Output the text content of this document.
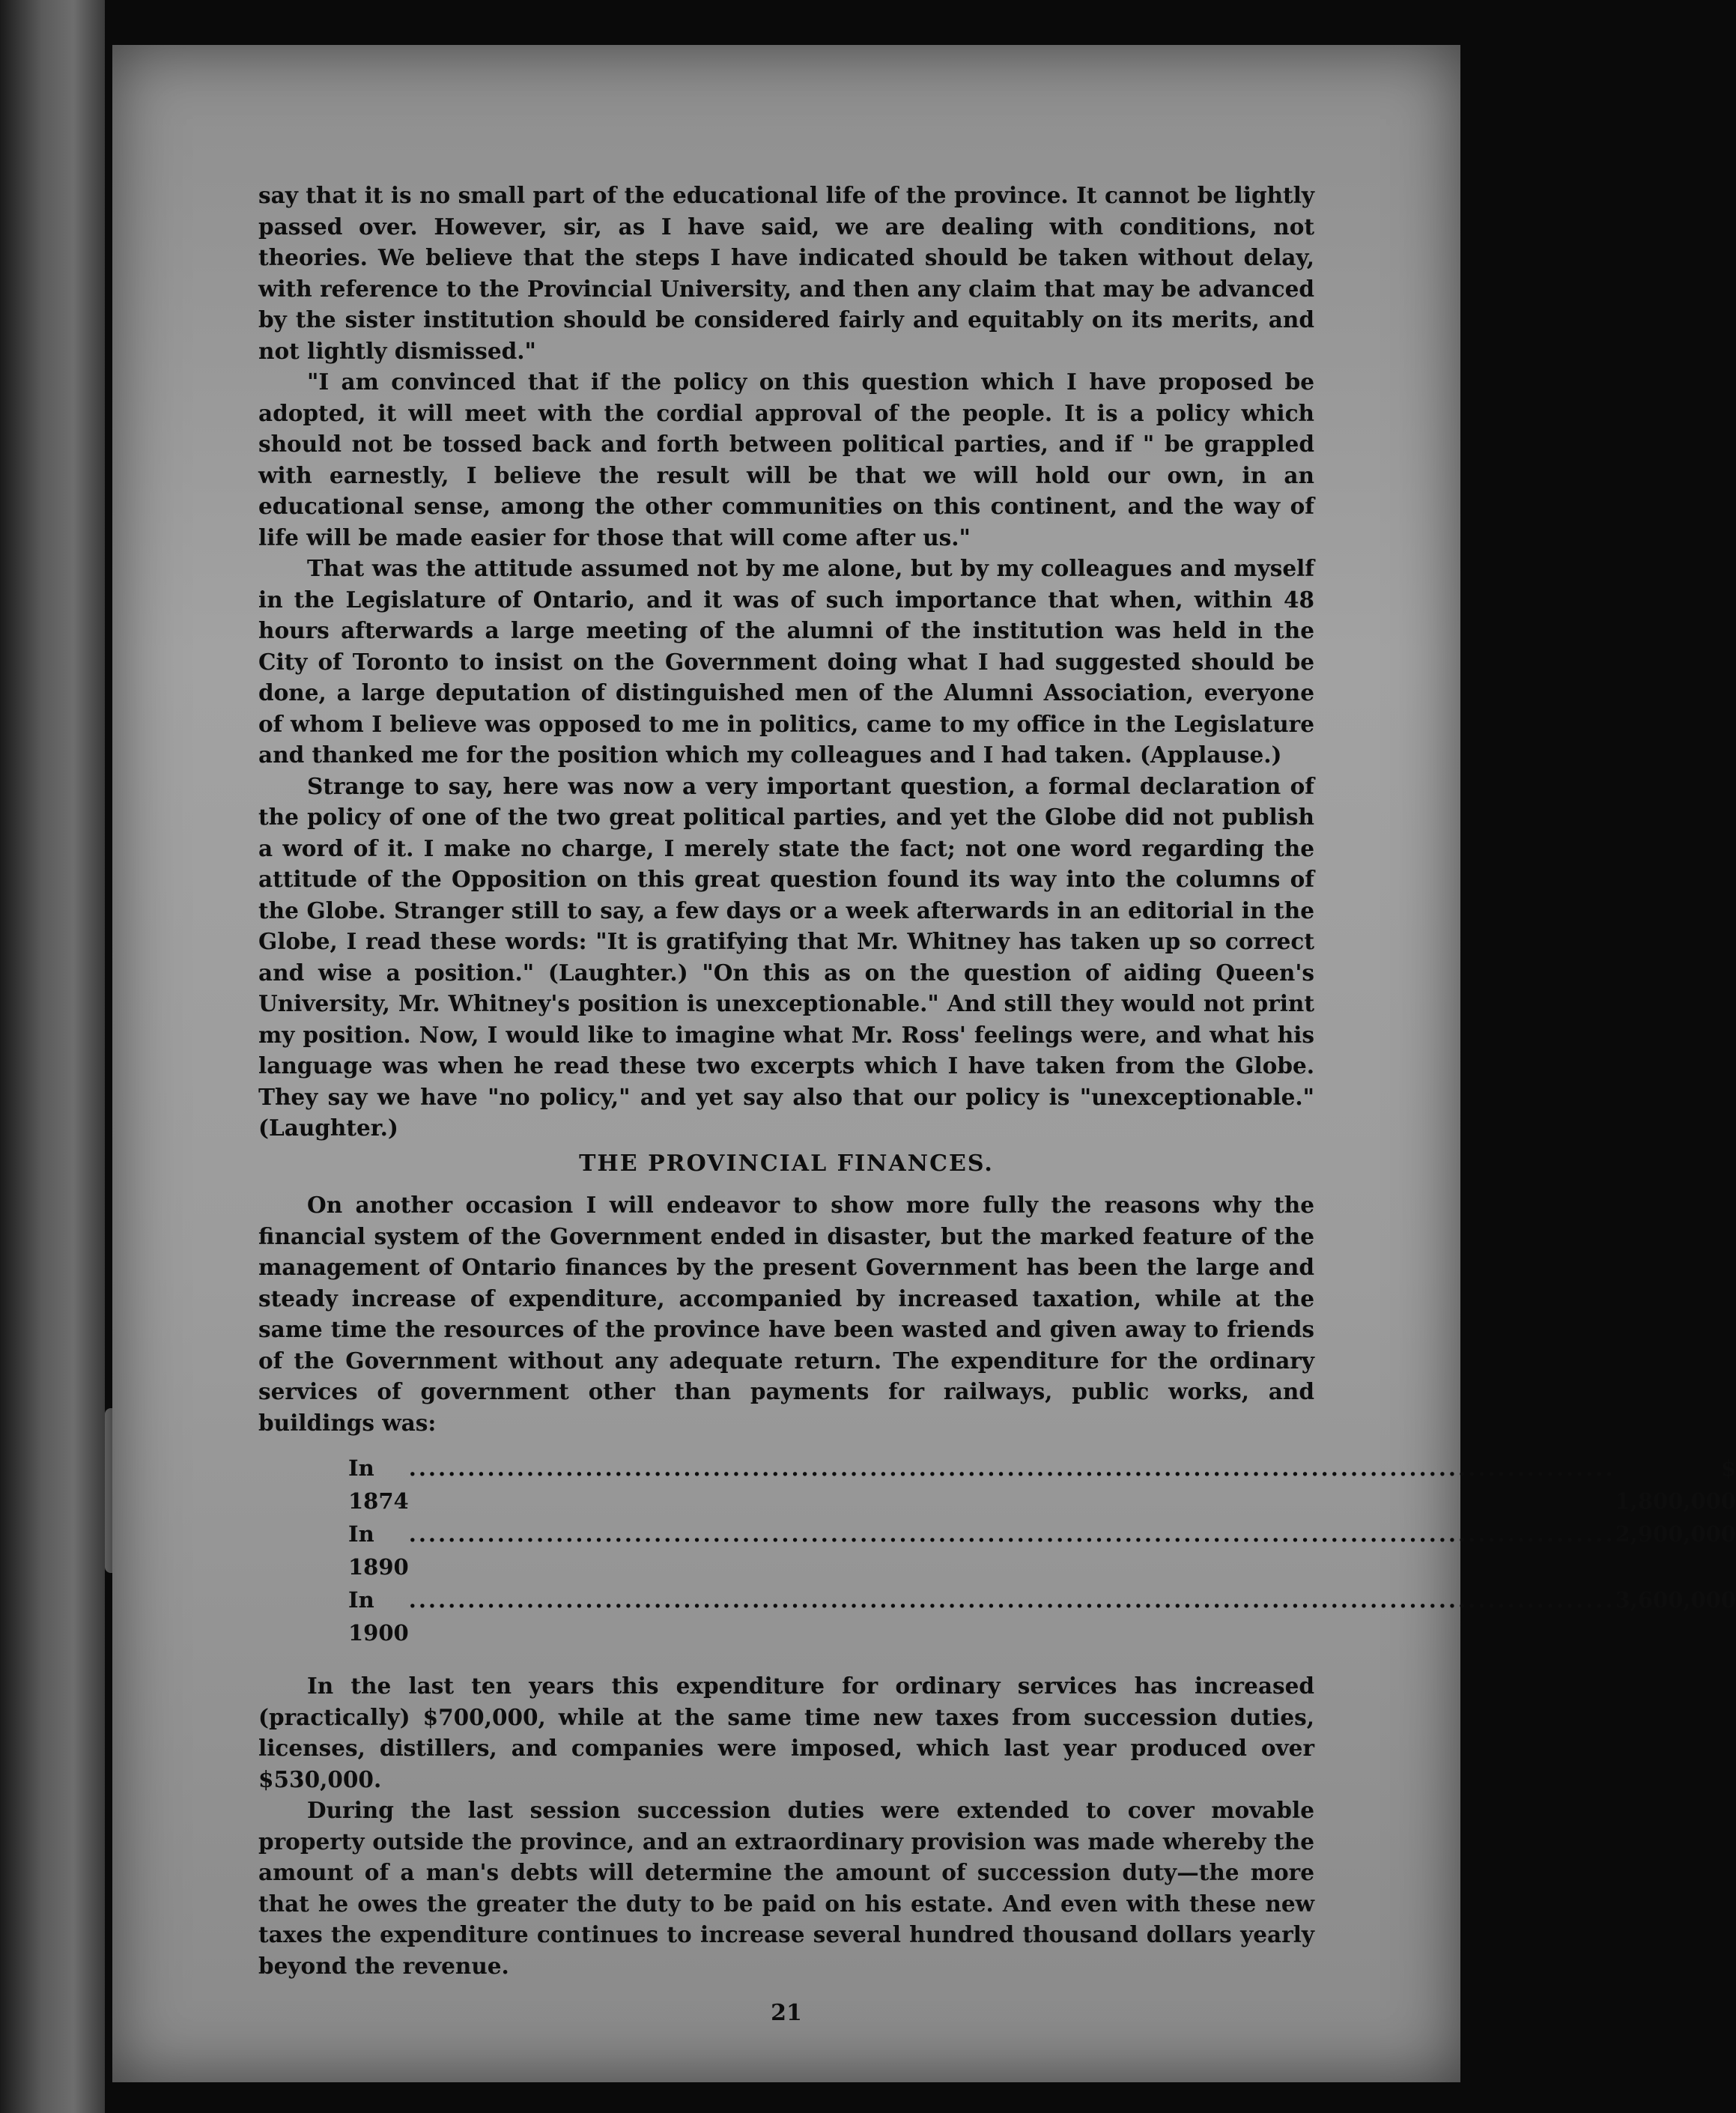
say that it is no small part of the educational life of the province. It cannot be lightly passed over. However, sir, as I have said, we are dealing with conditions, not theories. We believe that the steps I have indicated should be taken without delay, with reference to the Provincial University, and then any claim that may be advanced by the sister institution should be considered fairly and equitably on its merits, and not lightly dismissed."

"I am convinced that if the policy on this question which I have proposed be adopted, it will meet with the cordial approval of the people. It is a policy which should not be tossed back and forth between political parties, and if " be grappled with earnestly, I believe the result will be that we will hold our own, in an educational sense, among the other communities on this continent, and the way of life will be made easier for those that will come after us."

That was the attitude assumed not by me alone, but by my colleagues and myself in the Legislature of Ontario, and it was of such importance that when, within 48 hours afterwards a large meeting of the alumni of the institution was held in the City of Toronto to insist on the Government doing what I had suggested should be done, a large deputation of distinguished men of the Alumni Association, everyone of whom I believe was opposed to me in politics, came to my office in the Legislature and thanked me for the position which my colleagues and I had taken. (Applause.)

Strange to say, here was now a very important question, a formal declaration of the policy of one of the two great political parties, and yet the Globe did not publish a word of it. I make no charge, I merely state the fact; not one word regarding the attitude of the Opposition on this great question found its way into the columns of the Globe. Stranger still to say, a few days or a week afterwards in an editorial in the Globe, I read these words: "It is gratifying that Mr. Whitney has taken up so correct and wise a position." (Laughter.) "On this as on the question of aiding Queen's University, Mr. Whitney's position is unexceptionable." And still they would not print my position. Now, I would like to imagine what Mr. Ross' feelings were, and what his language was when he read these two excerpts which I have taken from the Globe. They say we have "no policy," and yet say also that our policy is "unexceptionable." (Laughter.)

THE PROVINCIAL FINANCES.

On another occasion I will endeavor to show more fully the reasons why the financial system of the Government ended in disaster, but the marked feature of the management of Ontario finances by the present Government has been the large and steady increase of expenditure, accompanied by increased taxation, while at the same time the resources of the province have been wasted and given away to friends of the Government without any adequate return. The expenditure for the ordinary services of government other than payments for railways, public works, and buildings was:

In 1874
...........................................................................................................................	$ 1,800,000
In 1890
........................................................................................................................... 2,900,000
In 1900
........................................................................................................................... 3,600,000

In the last ten years this expenditure for ordinary services has increased (practically) $700,000, while at the same time new taxes from succession duties, licenses, distillers, and companies were imposed, which last year produced over $530,000.

During the last session succession duties were extended to cover movable property outside the province, and an extraordinary provision was made whereby the amount of a man's debts will determine the amount of succession duty—the more that he owes the greater the duty to be paid on his estate. And even with these new taxes the expenditure continues to increase several hundred thousand dollars yearly beyond the revenue.

21
